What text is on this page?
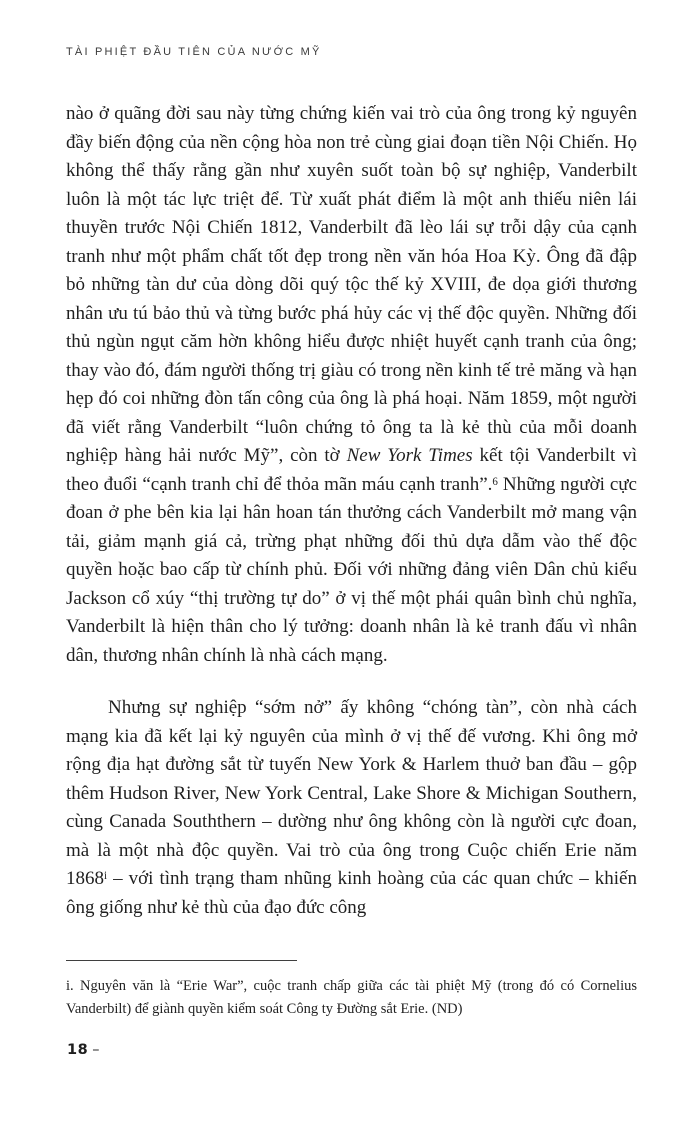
TÀI PHIỆT ĐẦU TIÊN CỦA NƯỚC MỸ

nào ở quãng đời sau này từng chứng kiến vai trò của ông trong kỷ nguyên đầy biến động của nền cộng hòa non trẻ cùng giai đoạn tiền Nội Chiến. Họ không thể thấy rằng gần như xuyên suốt toàn bộ sự nghiệp, Vanderbilt luôn là một tác lực triệt để. Từ xuất phát điểm là một anh thiếu niên lái thuyền trước Nội Chiến 1812, Vanderbilt đã lèo lái sự trỗi dậy của cạnh tranh như một phẩm chất tốt đẹp trong nền văn hóa Hoa Kỳ. Ông đã đập bỏ những tàn dư của dòng dõi quý tộc thế kỷ XVIII, đe dọa giới thương nhân ưu tú bảo thủ và từng bước phá hủy các vị thế độc quyền. Những đối thủ ngùn ngụt căm hờn không hiểu được nhiệt huyết cạnh tranh của ông; thay vào đó, đám người thống trị giàu có trong nền kinh tế trẻ măng và hạn hẹp đó coi những đòn tấn công của ông là phá hoại. Năm 1859, một người đã viết rằng Vanderbilt “luôn chứng tỏ ông ta là kẻ thù của mỗi doanh nghiệp hàng hải nước Mỹ”, còn tờ New York Times kết tội Vanderbilt vì theo đuổi “cạnh tranh chỉ để thỏa mãn máu cạnh tranh”.$^6$ Những người cực đoan ở phe bên kia lại hân hoan tán thưởng cách Vanderbilt mở mang vận tải, giảm mạnh giá cả, trừng phạt những đối thủ dựa dẫm vào thế độc quyền hoặc bao cấp từ chính phủ. Đối với những đảng viên Dân chủ kiểu Jackson cổ xúy “thị trường tự do” ở vị thế một phái quân bình chủ nghĩa, Vanderbilt là hiện thân cho lý tưởng: doanh nhân là kẻ tranh đấu vì nhân dân, thương nhân chính là nhà cách mạng.

Nhưng sự nghiệp “sớm nở” ấy không “chóng tàn”, còn nhà cách mạng kia đã kết lại kỷ nguyên của mình ở vị thế đế vương. Khi ông mở rộng địa hạt đường sắt từ tuyến New York & Harlem thuở ban đầu – gộp thêm Hudson River, New York Central, Lake Shore & Michigan Southern, cùng Canada Souththern – dường như ông không còn là người cực đoan, mà là một nhà độc quyền. Vai trò của ông trong Cuộc chiến Erie năm 1868$^i$ – với tình trạng tham nhũng kinh hoàng của các quan chức – khiến ông giống như kẻ thù của đạo đức công

i. Nguyên văn là “Erie War”, cuộc tranh chấp giữa các tài phiệt Mỹ (trong đó có Cornelius Vanderbilt) để giành quyền kiểm soát Công ty Đường sắt Erie. (ND)

18 –
